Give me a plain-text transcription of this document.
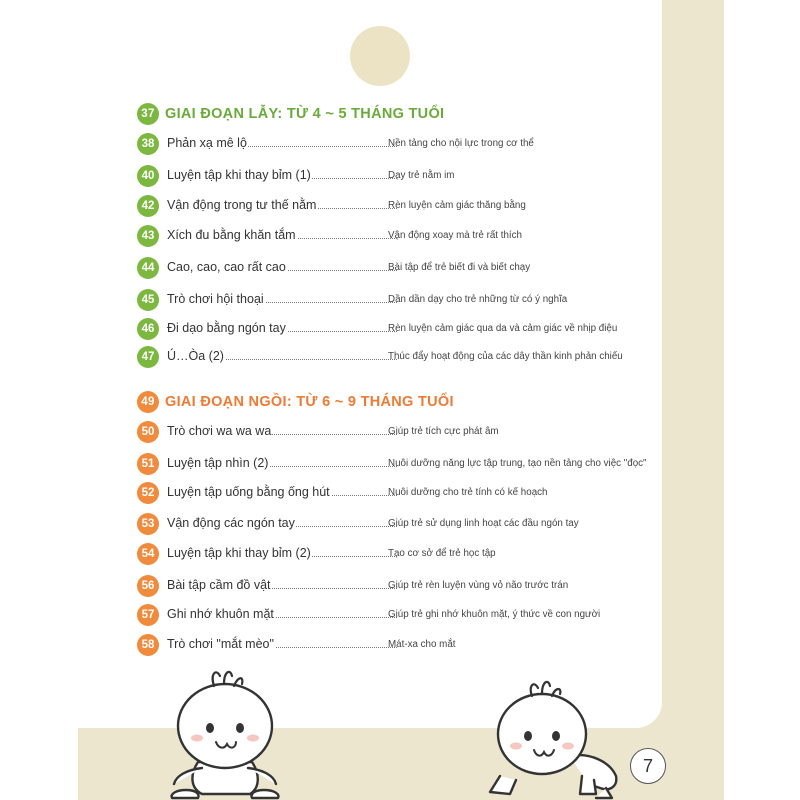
37 GIAI ĐOẠN LẪY: TỪ 4 ~ 5 THÁNG TUỔI
38	Phản xạ mê lộ	Nền tảng cho nội lực trong cơ thể
40	Luyện tập khi thay bỉm (1)	Dạy trẻ nằm im
42	Vận động trong tư thế nằm	Rèn luyện cảm giác thăng bằng
43	Xích đu bằng khăn tắm	Vận động xoay mà trẻ rất thích
44	Cao, cao, cao rất cao	Bài tập để trẻ biết đi và biết chạy
45	Trò chơi hội thoại	Dần dần dạy cho trẻ những từ có ý nghĩa
46	Đi dạo bằng ngón tay	Rèn luyện cảm giác qua da và cảm giác về nhịp điệu
47	Ú…Òa (2)	Thúc đẩy hoạt động của các dây thần kinh phản chiếu
49 GIAI ĐOẠN NGỒI: TỪ 6 ~ 9 THÁNG TUỔI
50	Trò chơi wa wa wa	Giúp trẻ tích cực phát âm
51	Luyện tập nhìn (2)	Nuôi dưỡng năng lực tập trung, tạo nền tảng cho việc "đọc"
52	Luyện tập uống bằng ống hút	Nuôi dưỡng cho trẻ tính có kế hoạch
53	Vận động các ngón tay	Giúp trẻ sử dụng linh hoạt các đầu ngón tay
54	Luyện tập khi thay bỉm (2)	Tạo cơ sở để trẻ học tập
56	Bài tập cầm đồ vật	Giúp trẻ rèn luyện vùng vỏ não trước trán
57	Ghi nhớ khuôn mặt	Giúp trẻ ghi nhớ khuôn mặt, ý thức về con người
58	Trò chơi "mắt mèo"	Mát-xa cho mắt
7
